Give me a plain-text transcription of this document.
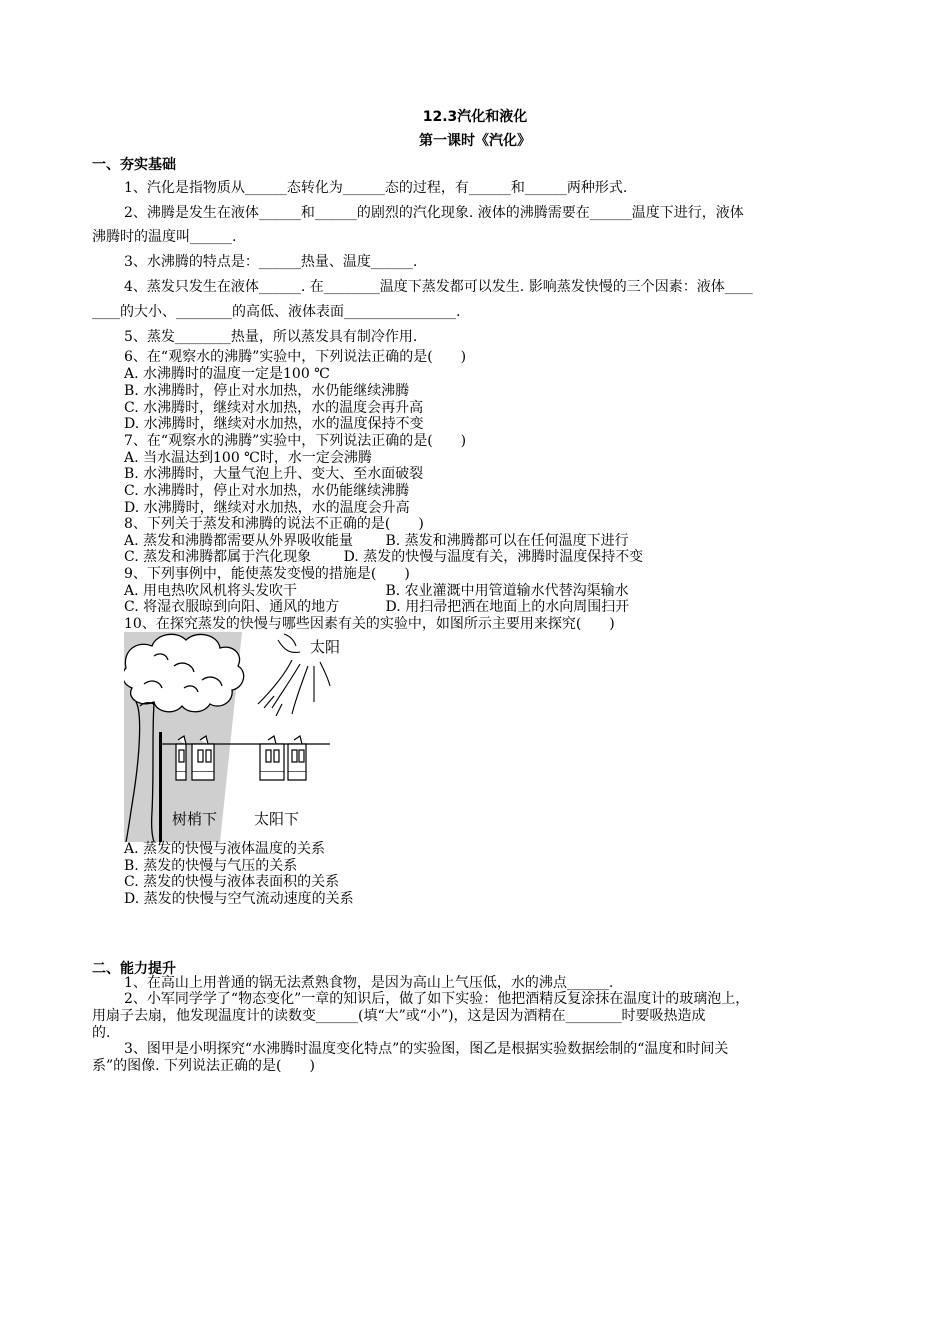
12.3汽化和液化
第一课时《汽化》
一、夯实基础
1、汽化是指物质从______态转化为______态的过程，有______和______两种形式.
2、沸腾是发生在液体______和______的剧烈的汽化现象. 液体的沸腾需要在______温度下进行，液体
沸腾时的温度叫______.
3、水沸腾的特点是：______热量、温度______.
4、蒸发只发生在液体______. 在________温度下蒸发都可以发生. 影响蒸发快慢的三个因素：液体____
____的大小、________的高低、液体表面________________.
5、蒸发________热量，所以蒸发具有制冷作用.
6、在“观察水的沸腾”实验中，下列说法正确的是(　　)
A. 水沸腾时的温度一定是100 ℃
B. 水沸腾时，停止对水加热，水仍能继续沸腾
C. 水沸腾时，继续对水加热，水的温度会再升高
D. 水沸腾时，继续对水加热，水的温度保持不变
7、在“观察水的沸腾”实验中，下列说法正确的是(　　)
A. 当水温达到100 ℃时，水一定会沸腾
B. 水沸腾时，大量气泡上升、变大、至水面破裂
C. 水沸腾时，停止对水加热，水仍能继续沸腾
D. 水沸腾时，继续对水加热，水的温度会升高
8、下列关于蒸发和沸腾的说法不正确的是(　　)
A. 蒸发和沸腾都需要从外界吸收能量　　 B. 蒸发和沸腾都可以在任何温度下进行
C. 蒸发和沸腾都属于汽化现象　　 D. 蒸发的快慢与温度有关，沸腾时温度保持不变
9、下列事例中，能使蒸发变慢的措施是(　　)
A. 用电热吹风机将头发吹干　　　　　　 B. 农业灌溉中用管道输水代替沟渠输水
C. 将湿衣服晾到向阳、通风的地方　　　 D. 用扫帚把洒在地面上的水向周围扫开
10、在探究蒸发的快慢与哪些因素有关的实验中，如图所示主要用来探究(　　)
太阳
树梢下 太阳下
A. 蒸发的快慢与液体温度的关系
B. 蒸发的快慢与气压的关系
C. 蒸发的快慢与液体表面积的关系
D. 蒸发的快慢与空气流动速度的关系
二、能力提升
1、在高山上用普通的锅无法煮熟食物，是因为高山上气压低，水的沸点______.
2、小军同学学了“物态变化”一章的知识后，做了如下实验：他把酒精反复涂抹在温度计的玻璃泡上，
用扇子去扇，他发现温度计的读数变______(填“大”或“小”)，这是因为酒精在________时要吸热造成
的.
3、图甲是小明探究“水沸腾时温度变化特点”的实验图，图乙是根据实验数据绘制的“温度和时间关
系”的图像. 下列说法正确的是(　　)
